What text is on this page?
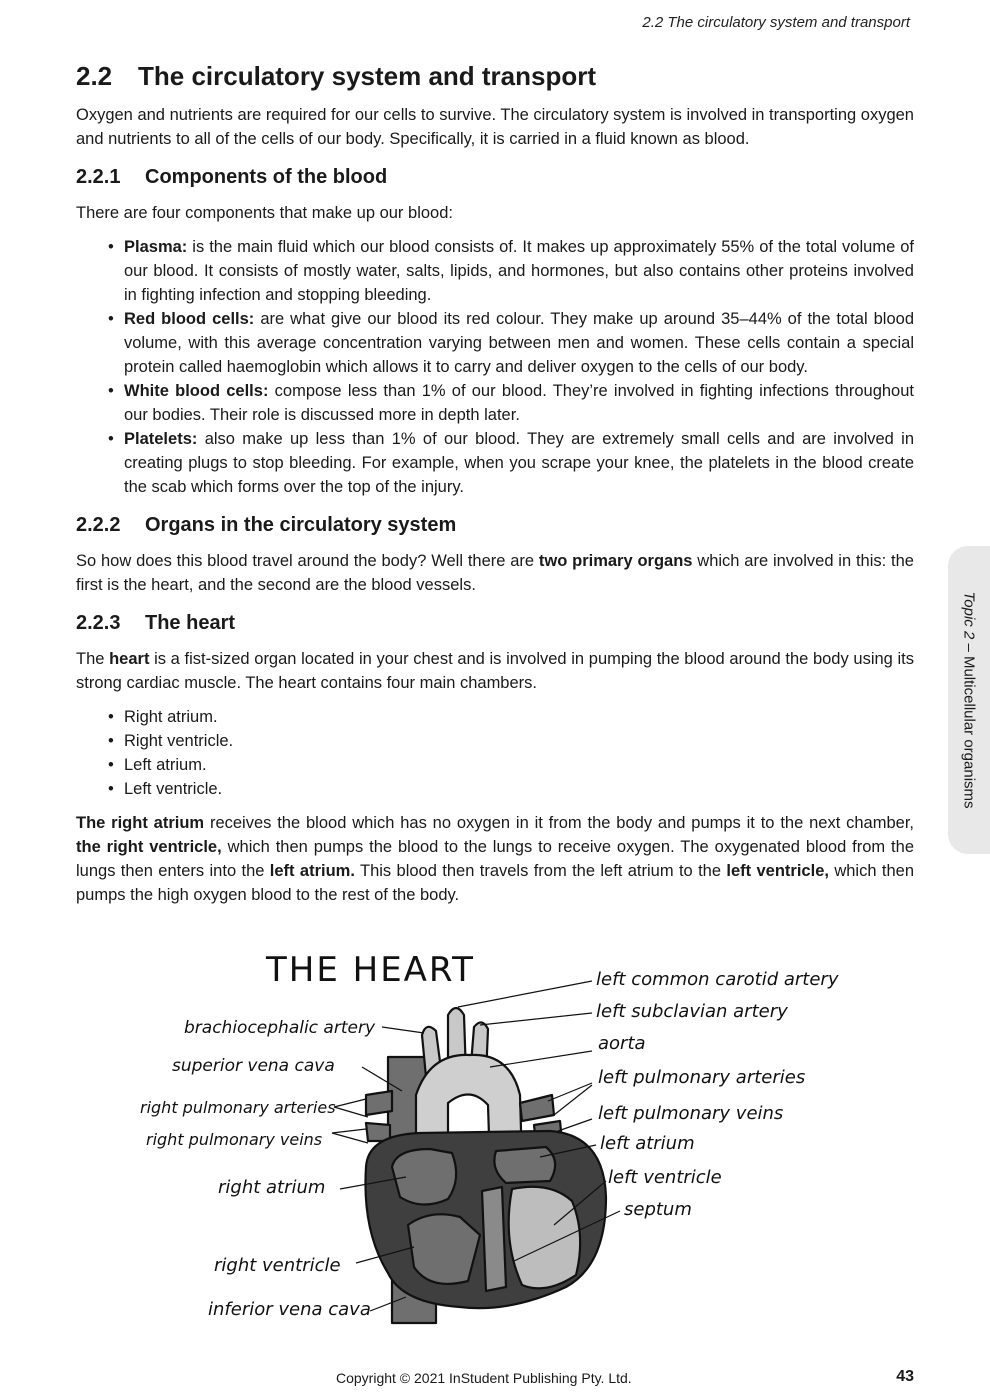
2.2 The circulatory system and transport
2.2 The circulatory system and transport

Oxygen and nutrients are required for our cells to survive. The circulatory system is involved in transporting oxygen and nutrients to all of the cells of our body. Specifically, it is carried in a fluid known as blood.

2.2.1 Components of the blood

There are four components that make up our blood:

• Plasma: is the main fluid which our blood consists of. It makes up approximately 55% of the total volume of our blood. It consists of mostly water, salts, lipids, and hormones, but also contains other proteins involved in fighting infection and stopping bleeding.
• Red blood cells: are what give our blood its red colour. They make up around 35–44% of the total blood volume, with this average concentration varying between men and women. These cells contain a special protein called haemoglobin which allows it to carry and deliver oxygen to the cells of our body.
• White blood cells: compose less than 1% of our blood. They’re involved in fighting infections throughout our bodies. Their role is discussed more in depth later.
• Platelets: also make up less than 1% of our blood. They are extremely small cells and are involved in creating plugs to stop bleeding. For example, when you scrape your knee, the platelets in the blood create the scab which forms over the top of the injury.
2.2.2 Organs in the circulatory system

So how does this blood travel around the body? Well there are two primary organs which are involved in this: the first is the heart, and the second are the blood vessels.

2.2.3 The heart

The heart is a fist-sized organ located in your chest and is involved in pumping the blood around the body using its strong cardiac muscle. The heart contains four main chambers.

• Right atrium.
• Right ventricle.
• Left atrium.
• Left ventricle.

The right atrium receives the blood which has no oxygen in it from the body and pumps it to the next chamber, the right ventricle, which then pumps the blood to the lungs to receive oxygen. The oxygenated blood from the lungs then enters into the left atrium. This blood then travels from the left atrium to the left ventricle, which then pumps the high oxygen blood to the rest of the body.

THE HEART	left common carotid artery
left subclavian artery
aorta
left pulmonary arteries
left pulmonary veins
left atrium
left ventricle
septum
brachiocephalic artery
superior vena cava
right pulmonary arteries
right pulmonary veins
right atrium
right ventricle
inferior vena cava
Topic 2 – Multicellular organisms
Copyright © 2021 InStudent Publishing Pty. Ltd.	43
